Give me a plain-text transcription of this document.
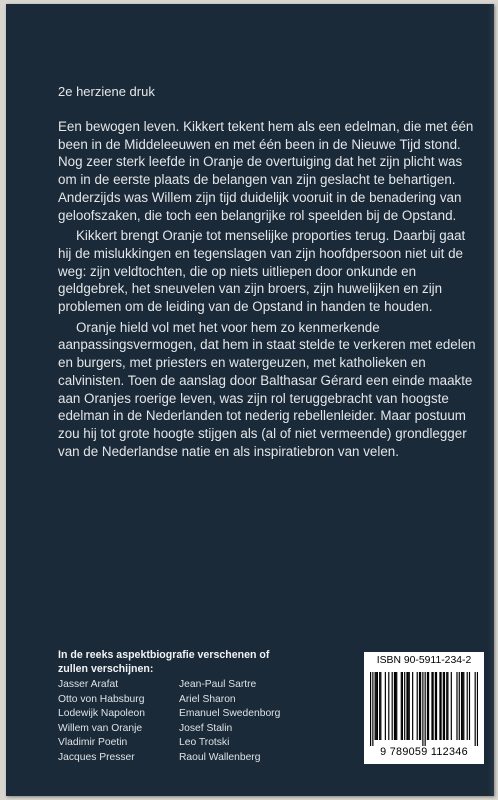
2e herziene druk

Een bewogen leven. Kikkert tekent hem als een edelman, die met één been in de Middeleeuwen en met één been in de Nieuwe Tijd stond. Nog zeer sterk leefde in Oranje de overtuiging dat het zijn plicht was om in de eerste plaats de belangen van zijn geslacht te behartigen. Anderzijds was Willem zijn tijd duidelijk vooruit in de benadering van geloofszaken, die toch een belangrijke rol speelden bij de Opstand.

Kikkert brengt Oranje tot menselijke proporties terug. Daarbij gaat hij de mislukkingen en tegenslagen van zijn hoofdpersoon niet uit de weg: zijn veldtochten, die op niets uitliepen door onkunde en geldgebrek, het sneuvelen van zijn broers, zijn huwelijken en zijn problemen om de leiding van de Opstand in handen te houden.

Oranje hield vol met het voor hem zo kenmerkende aanpassingsvermogen, dat hem in staat stelde te verkeren met edelen en burgers, met priesters en watergeuzen, met katholieken en calvinisten. Toen de aanslag door Balthasar Gérard een einde maakte aan Oranjes roerige leven, was zijn rol teruggebracht van hoogste edelman in de Nederlanden tot nederig rebellenleider. Maar postuum zou hij tot grote hoogte stijgen als (al of niet vermeende) grondlegger van de Nederlandse natie en als inspiratiebron van velen.

In de reeks aspektbiografie verschenen of zullen verschijnen:
Jasser Arafat
Otto von Habsburg
Lodewijk Napoleon
Willem van Oranje
Vladimir Poetin
Jacques Presser
Jean-Paul Sartre
Ariel Sharon
Emanuel Swedenborg
Josef Stalin
Leo Trotski
Raoul Wallenberg
ISBN 90-5911-234-2
9 789059 112346
